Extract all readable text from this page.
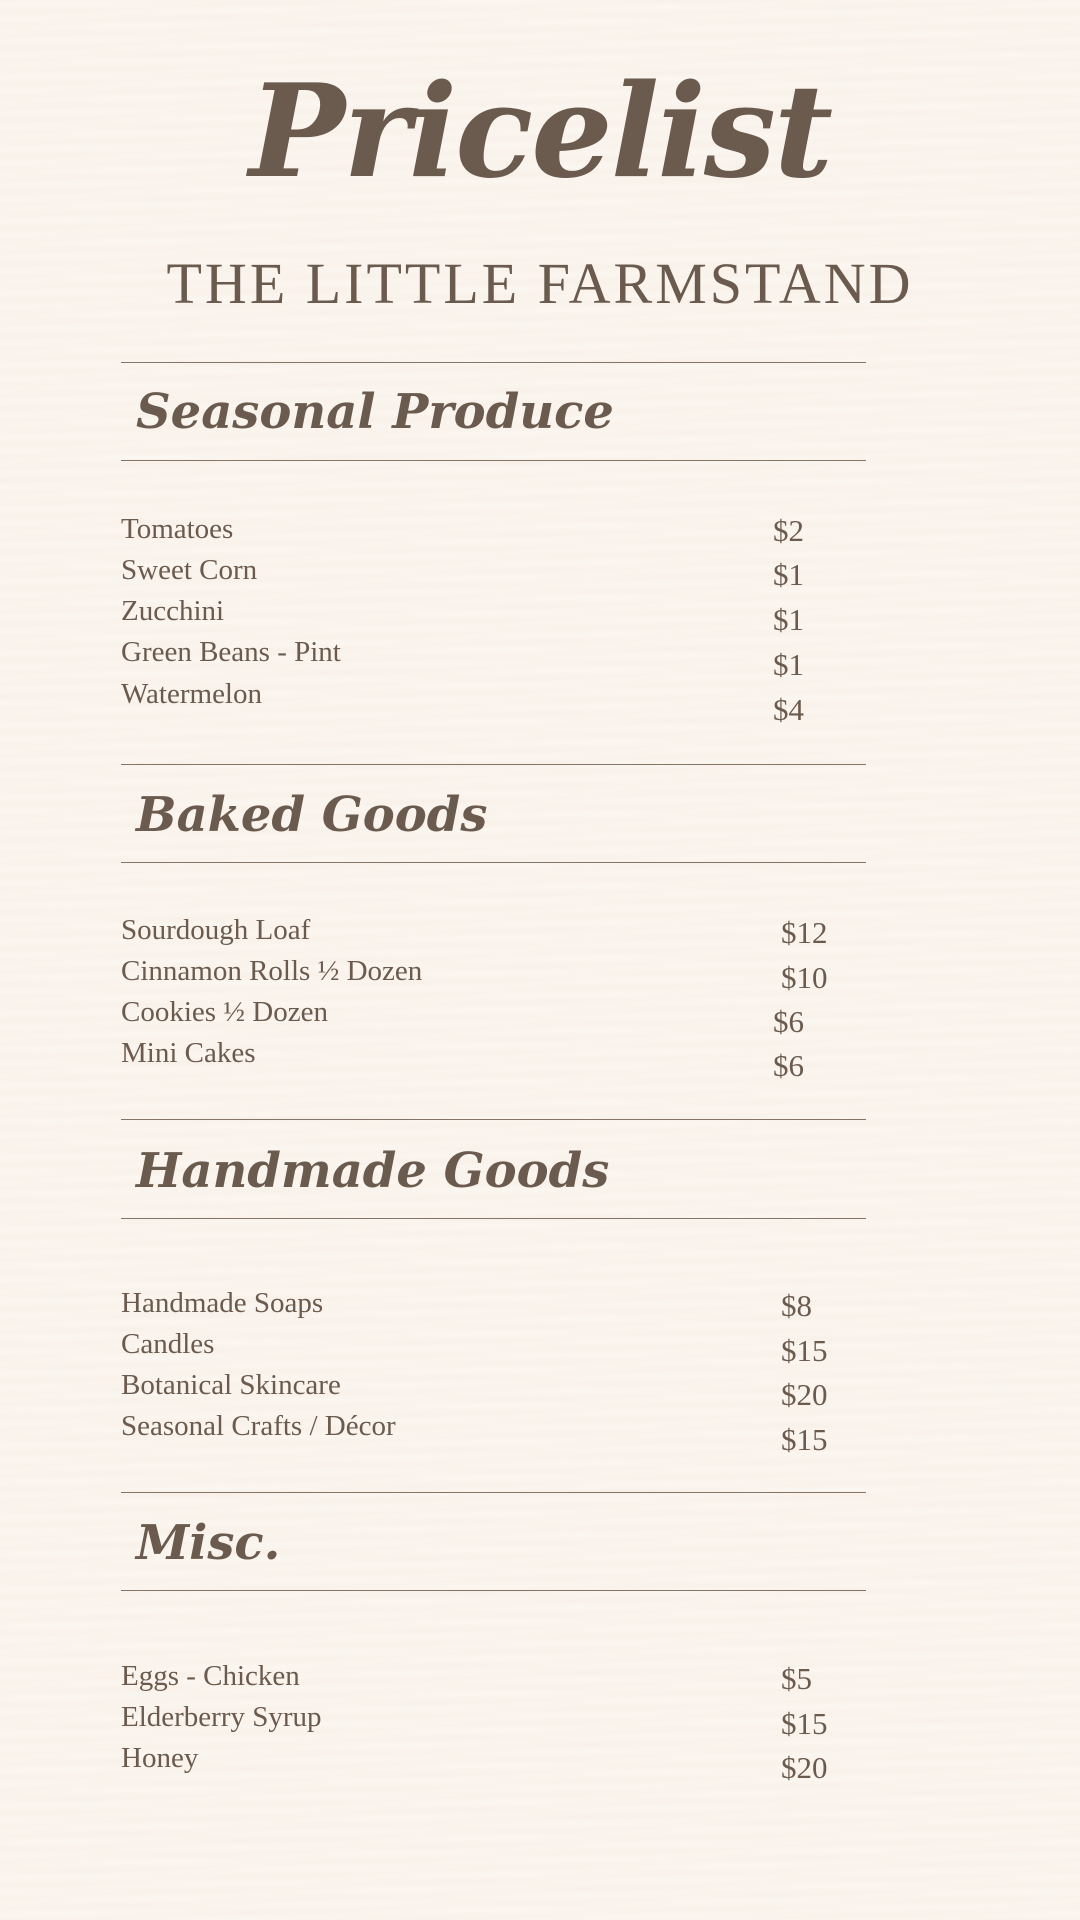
Pricelist
THE LITTLE FARMSTAND
Seasonal Produce
Tomatoes	$2
Sweet Corn	$1
Zucchini	$1
Green Beans - Pint	$1
Watermelon	$4
Baked Goods
Sourdough Loaf	$12
Cinnamon Rolls ½ Dozen	$10
Cookies ½ Dozen	$6
Mini Cakes	$6
Handmade Goods
Handmade Soaps	$8
Candles	$15
Botanical Skincare	$20
Seasonal Crafts / Décor	$15
Misc.
Eggs - Chicken	$5
Elderberry Syrup	$15
Honey	$20
